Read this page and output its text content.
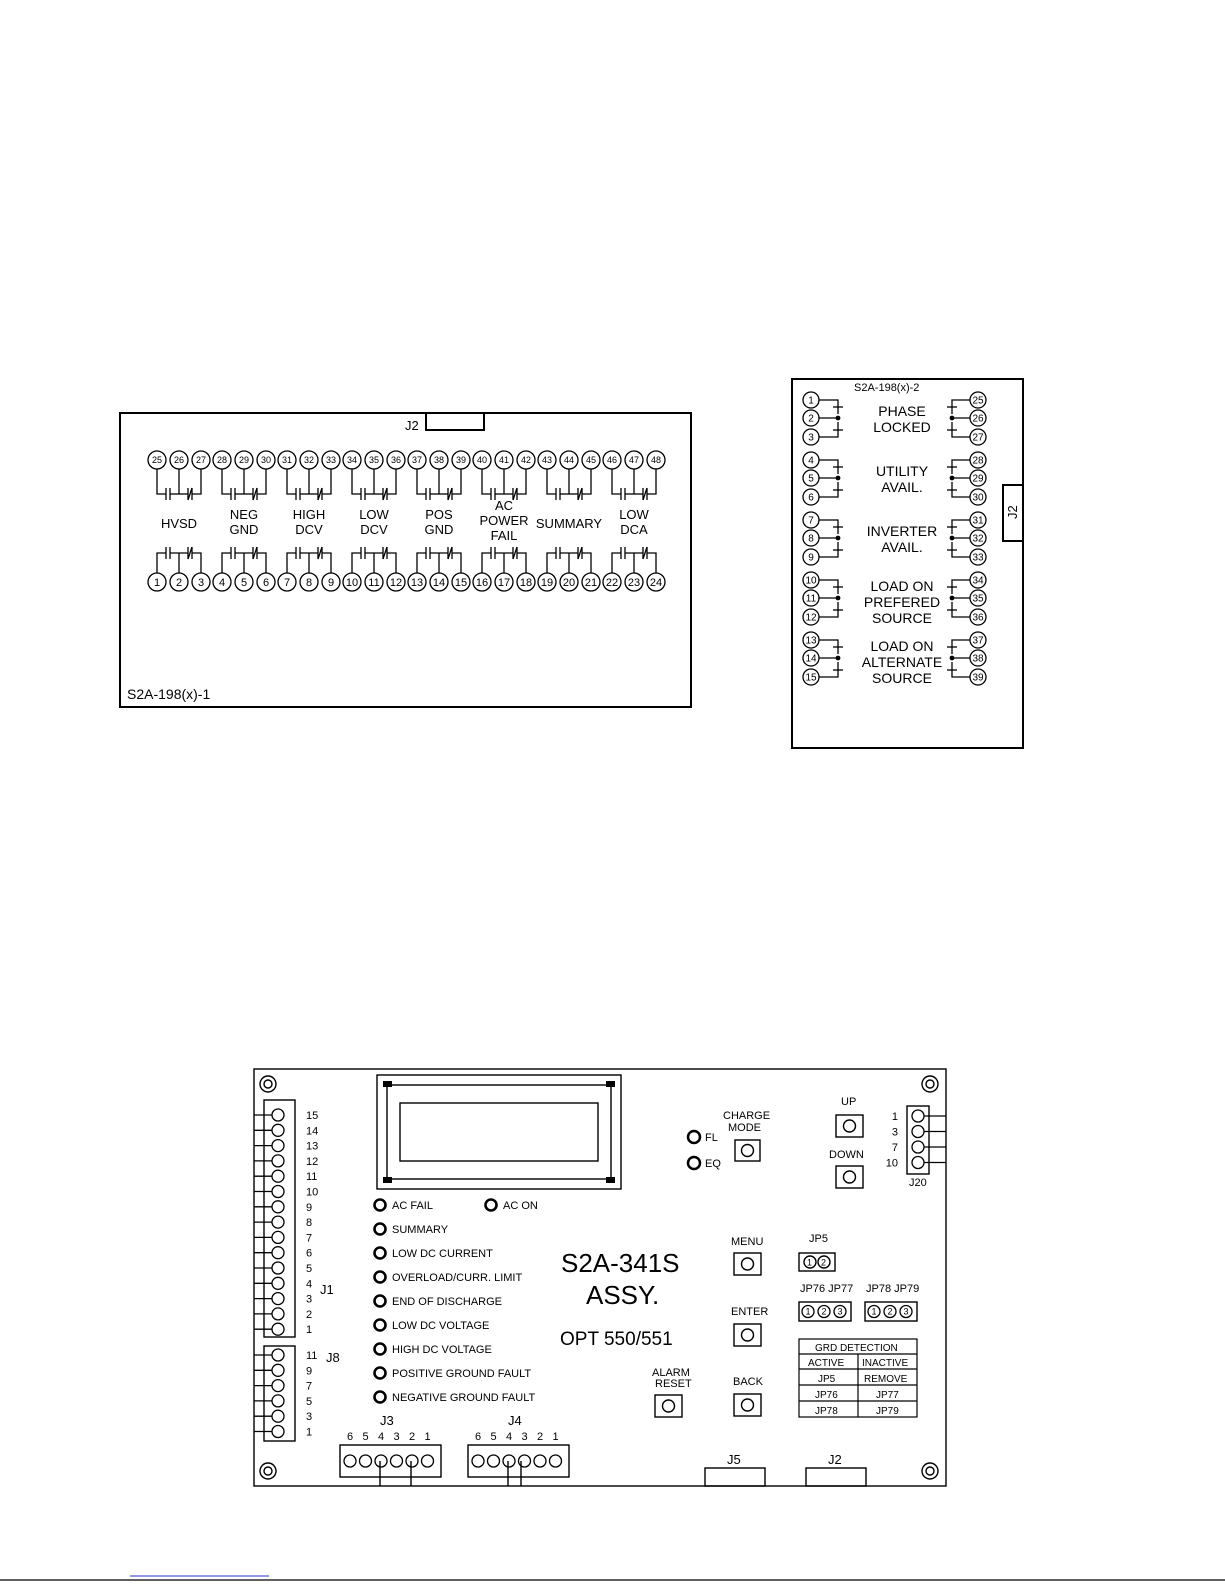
J2
S2A-198(x)-1
25 26 27
1 2 3
HVSD
28 29 30
4 5 6
NEG
GND
31 32 33
7 8 9
HIGH
DCV
34 35 36
10 11 12
LOW
DCV
37 38 39
13 14 15
POS
GND
40 41 42
16 17 18
AC
POWER
FAIL
43 44 45
19 20 21
SUMMARY
46 47 48
22 23 24
LOW
DCA
J2
S2A-198(x)-2
1
2
3
25
26
27
PHASE
LOCKED
4
5
6
28
29
30
UTILITY
AVAIL.
7
8
9
31
32
33
INVERTER
AVAIL.
10
11
12
34
35
36
LOAD ON
PREFERED
SOURCE
13
14
15
37
38
39
LOAD ON
ALTERNATE
SOURCE
S2A-341S
ASSY.
OPT 550/551
J1
15
14
13
12
11
10
9
8
7
6
5
4
3
2
1
J8
11
9
7
5
3
1
J20
1
3
7
10
J3
6 5 4 3 2 1
J4
6 5 4 3 2 1
J5	J2
AC FAIL	AC ON
SUMMARY
LOW DC CURRENT
OVERLOAD/CURR. LIMIT
END OF DISCHARGE
LOW DC VOLTAGE
HIGH DC VOLTAGE
POSITIVE GROUND FAULT
NEGATIVE GROUND FAULT
FL
EQ
CHARGE
MODE
UP
DOWN
MENU
ENTER
BACK
ALARM
RESET
JP5
1 2
JP76 JP77
1 2 3
JP78 JP79
1 2 3
GRD DETECTION
ACTIVE INACTIVE
JP5	REMOVE
JP76	JP77
JP78	JP79
